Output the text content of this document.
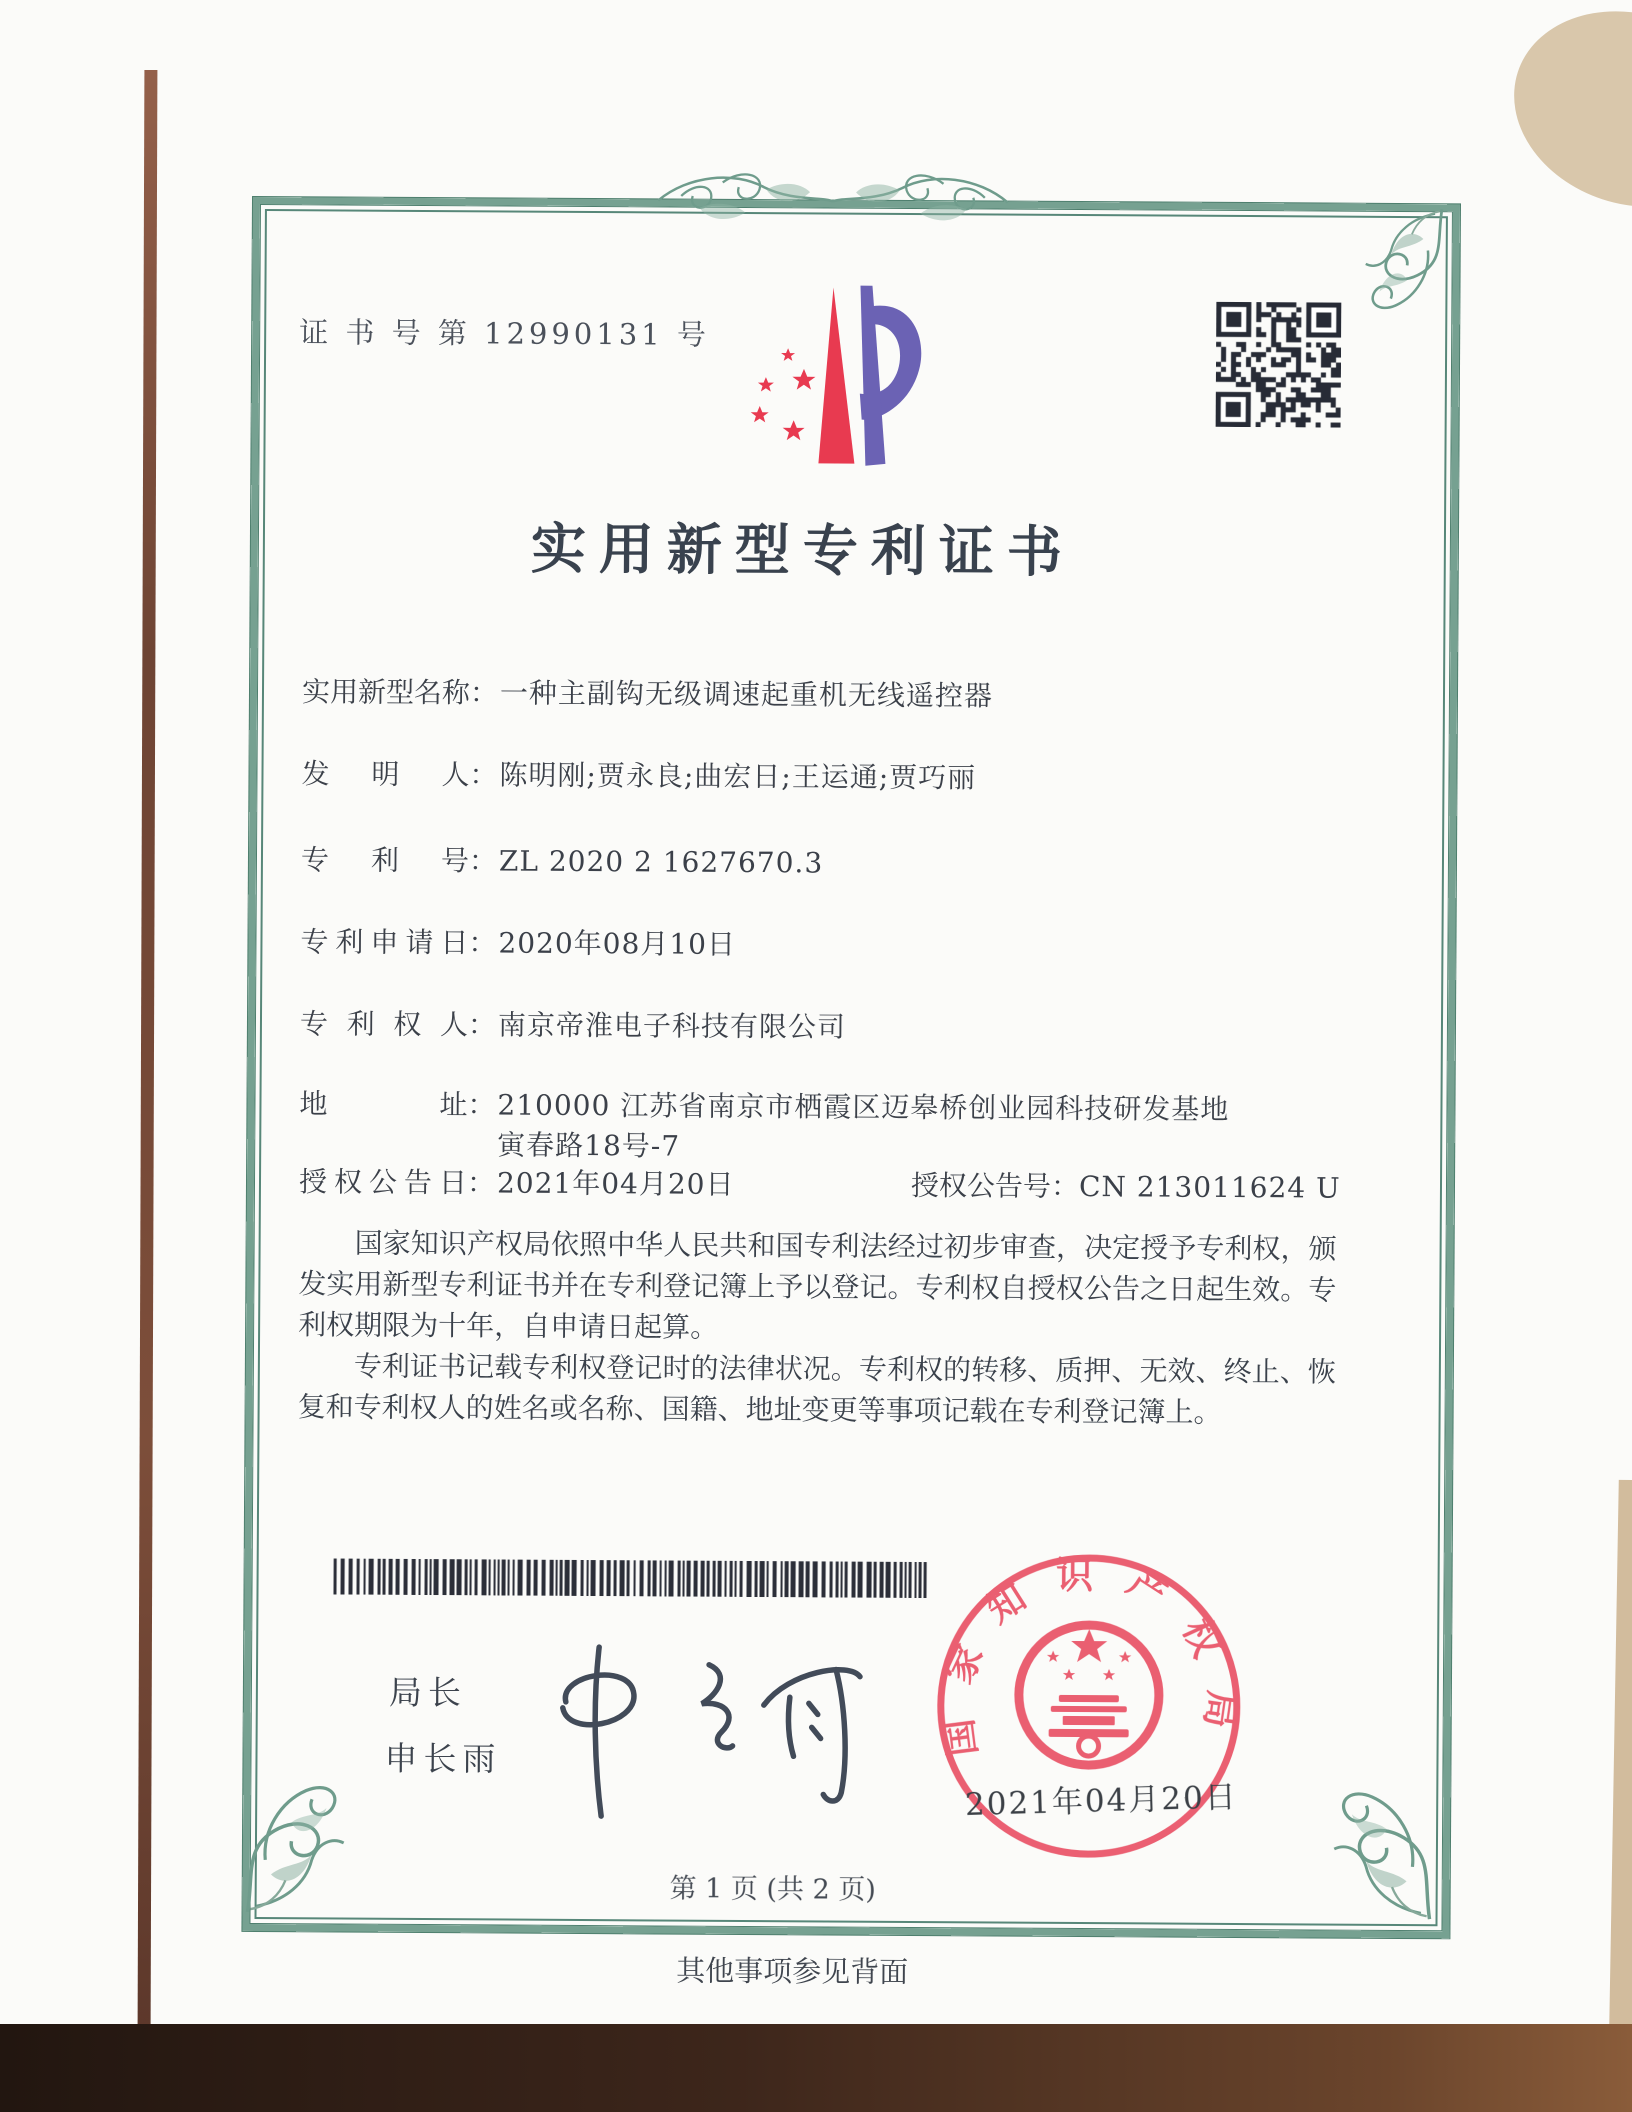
证 书 号 第 12990131 号
实用新型专利证书
实用新型名称：一种主副钩无级调速起重机无线遥控器
发明人：陈明刚;贾永良;曲宏日;王运通;贾巧丽
专利号：ZL 2020 2 1627670.3
专利申请日：2020年08月10日
专利权人：南京帝淮电子科技有限公司
地址：210000 江苏省南京市栖霞区迈皋桥创业园科技研发基地
寅春路18号-7
授权公告日：2021年04月20日	授权公告号：CN 213011624 U

国家知识产权局依照中华人民共和国专利法经过初步审查，决定授予专利权，颁发实用新型专利证书并在专利登记簿上予以登记。专利权自授权公告之日起生效。专利权期限为十年，自申请日起算。

专利证书记载专利权登记时的法律状况。专利权的转移、质押、无效、终止、恢复和专利权人的姓名或名称、国籍、地址变更等事项记载在专利登记簿上。

局长
申长雨	国家知识产权局
2021年04月20日
第 1 页 (共 2 页)
其他事项参见背面
